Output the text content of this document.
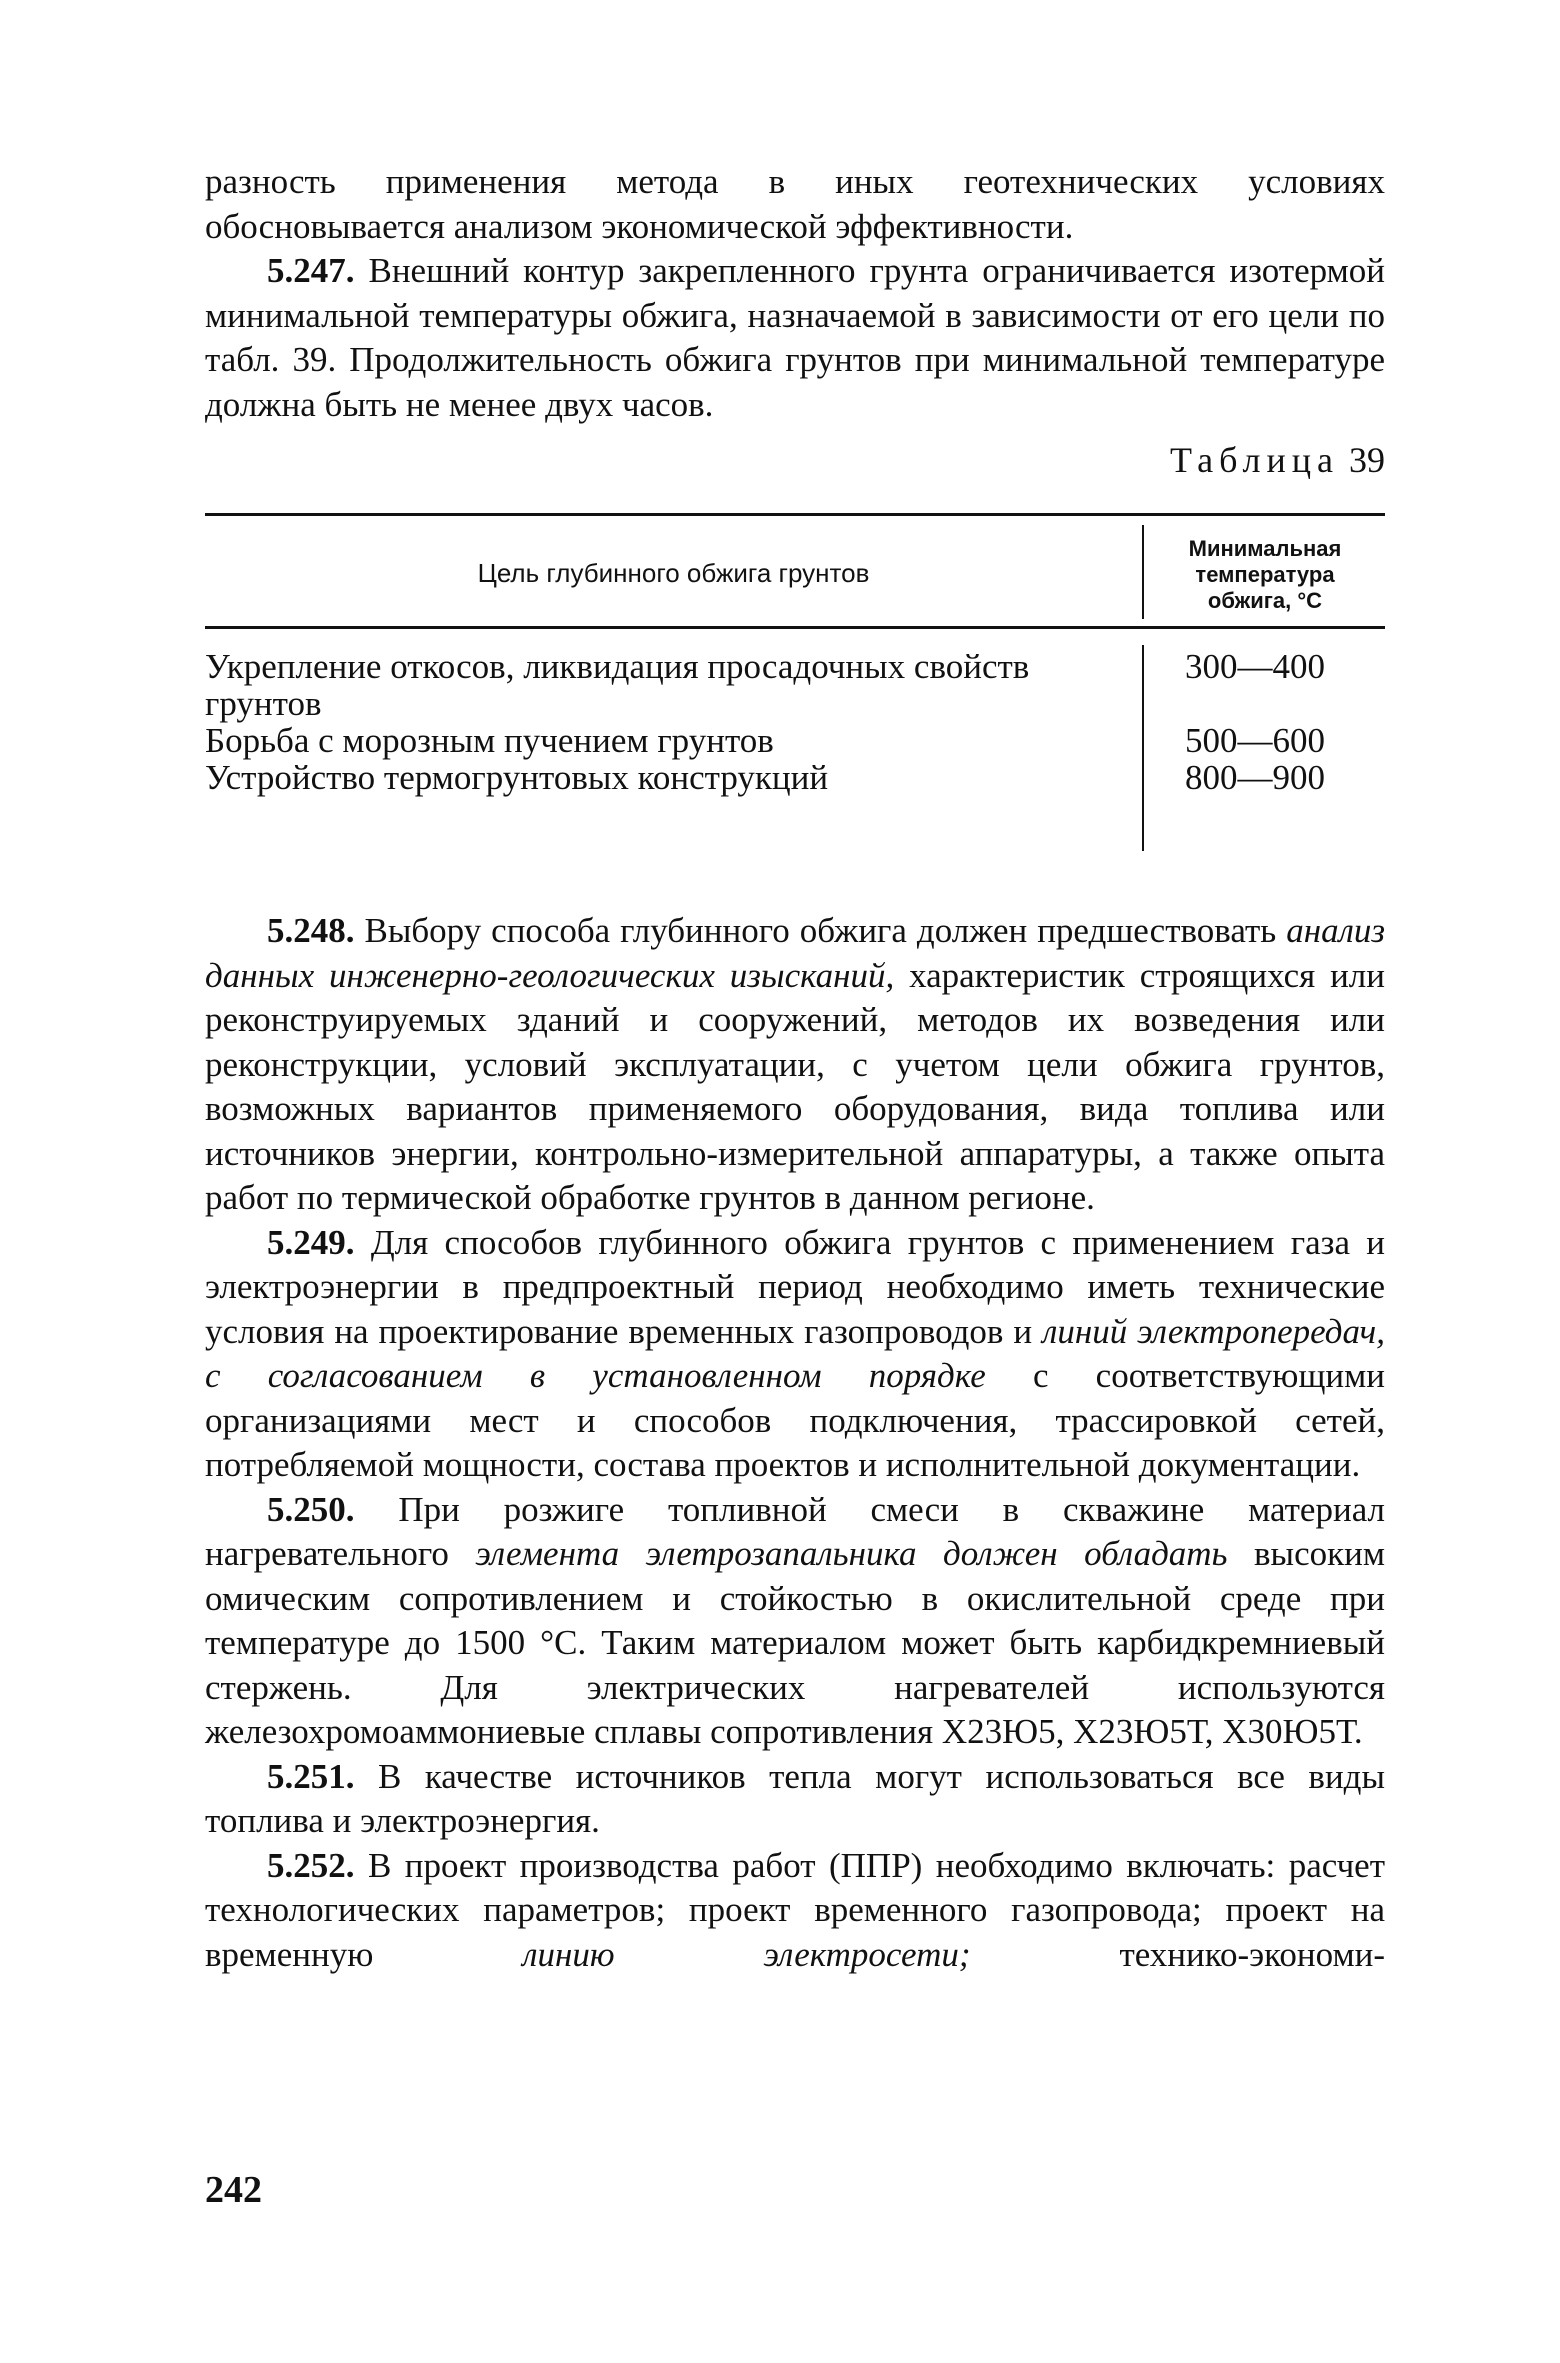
разность применения метода в иных геотехнических условиях обосновывается анализом экономической эффективности.

5.247. Внешний контур закрепленного грунта ограничивается изотермой минимальной температуры обжига, назначаемой в зависимости от его цели по табл. 39. Продолжительность обжига грунтов при минимальной температуре должна быть не менее двух часов.

Таблица 39
Цель глубинного обжига грунтов
Минимальная
температура
обжига, °С
Укрепление откосов, ликвидация просадочных свойств грунтов
300—400
Борьба с морозным пучением грунтов	500—600
Устройство термогрунтовых конструкций	800—900

5.248. Выбору способа глубинного обжига должен предшествовать анализ данных инженерно-геологических изысканий, характеристик строящихся или реконструируемых зданий и сооружений, методов их возведения или реконструкции, условий эксплуатации, с учетом цели обжига грунтов, возможных вариантов применяемого оборудования, вида топлива или источников энергии, контрольно-измерительной аппаратуры, а также опыта работ по термической обработке грунтов в данном регионе.

5.249. Для способов глубинного обжига грунтов с применением газа и электроэнергии в предпроектный период необходимо иметь технические условия на проектирование временных газопроводов и линий электропередач, с согласованием в установленном порядке с соответствующими организациями мест и способов подключения, трассировкой сетей, потребляемой мощности, состава проектов и исполнительной документации.

5.250. При розжиге топливной смеси в скважине материал нагревательного элемента элетрозапальника должен обладать высоким омическим сопротивлением и стойкостью в окислительной среде при температуре до 1500 °С. Таким материалом может быть карбидкремниевый стержень. Для электрических нагревателей используются железохромоаммониевые сплавы сопротивления Х23Ю5, Х23Ю5Т, Х30Ю5Т.

5.251. В качестве источников тепла могут использоваться все виды топлива и электроэнергия.

5.252. В проект производства работ (ППР) необходимо включать: расчет технологических параметров; проект временного газопровода; проект на временную линию электросети; технико-экономи-

242
